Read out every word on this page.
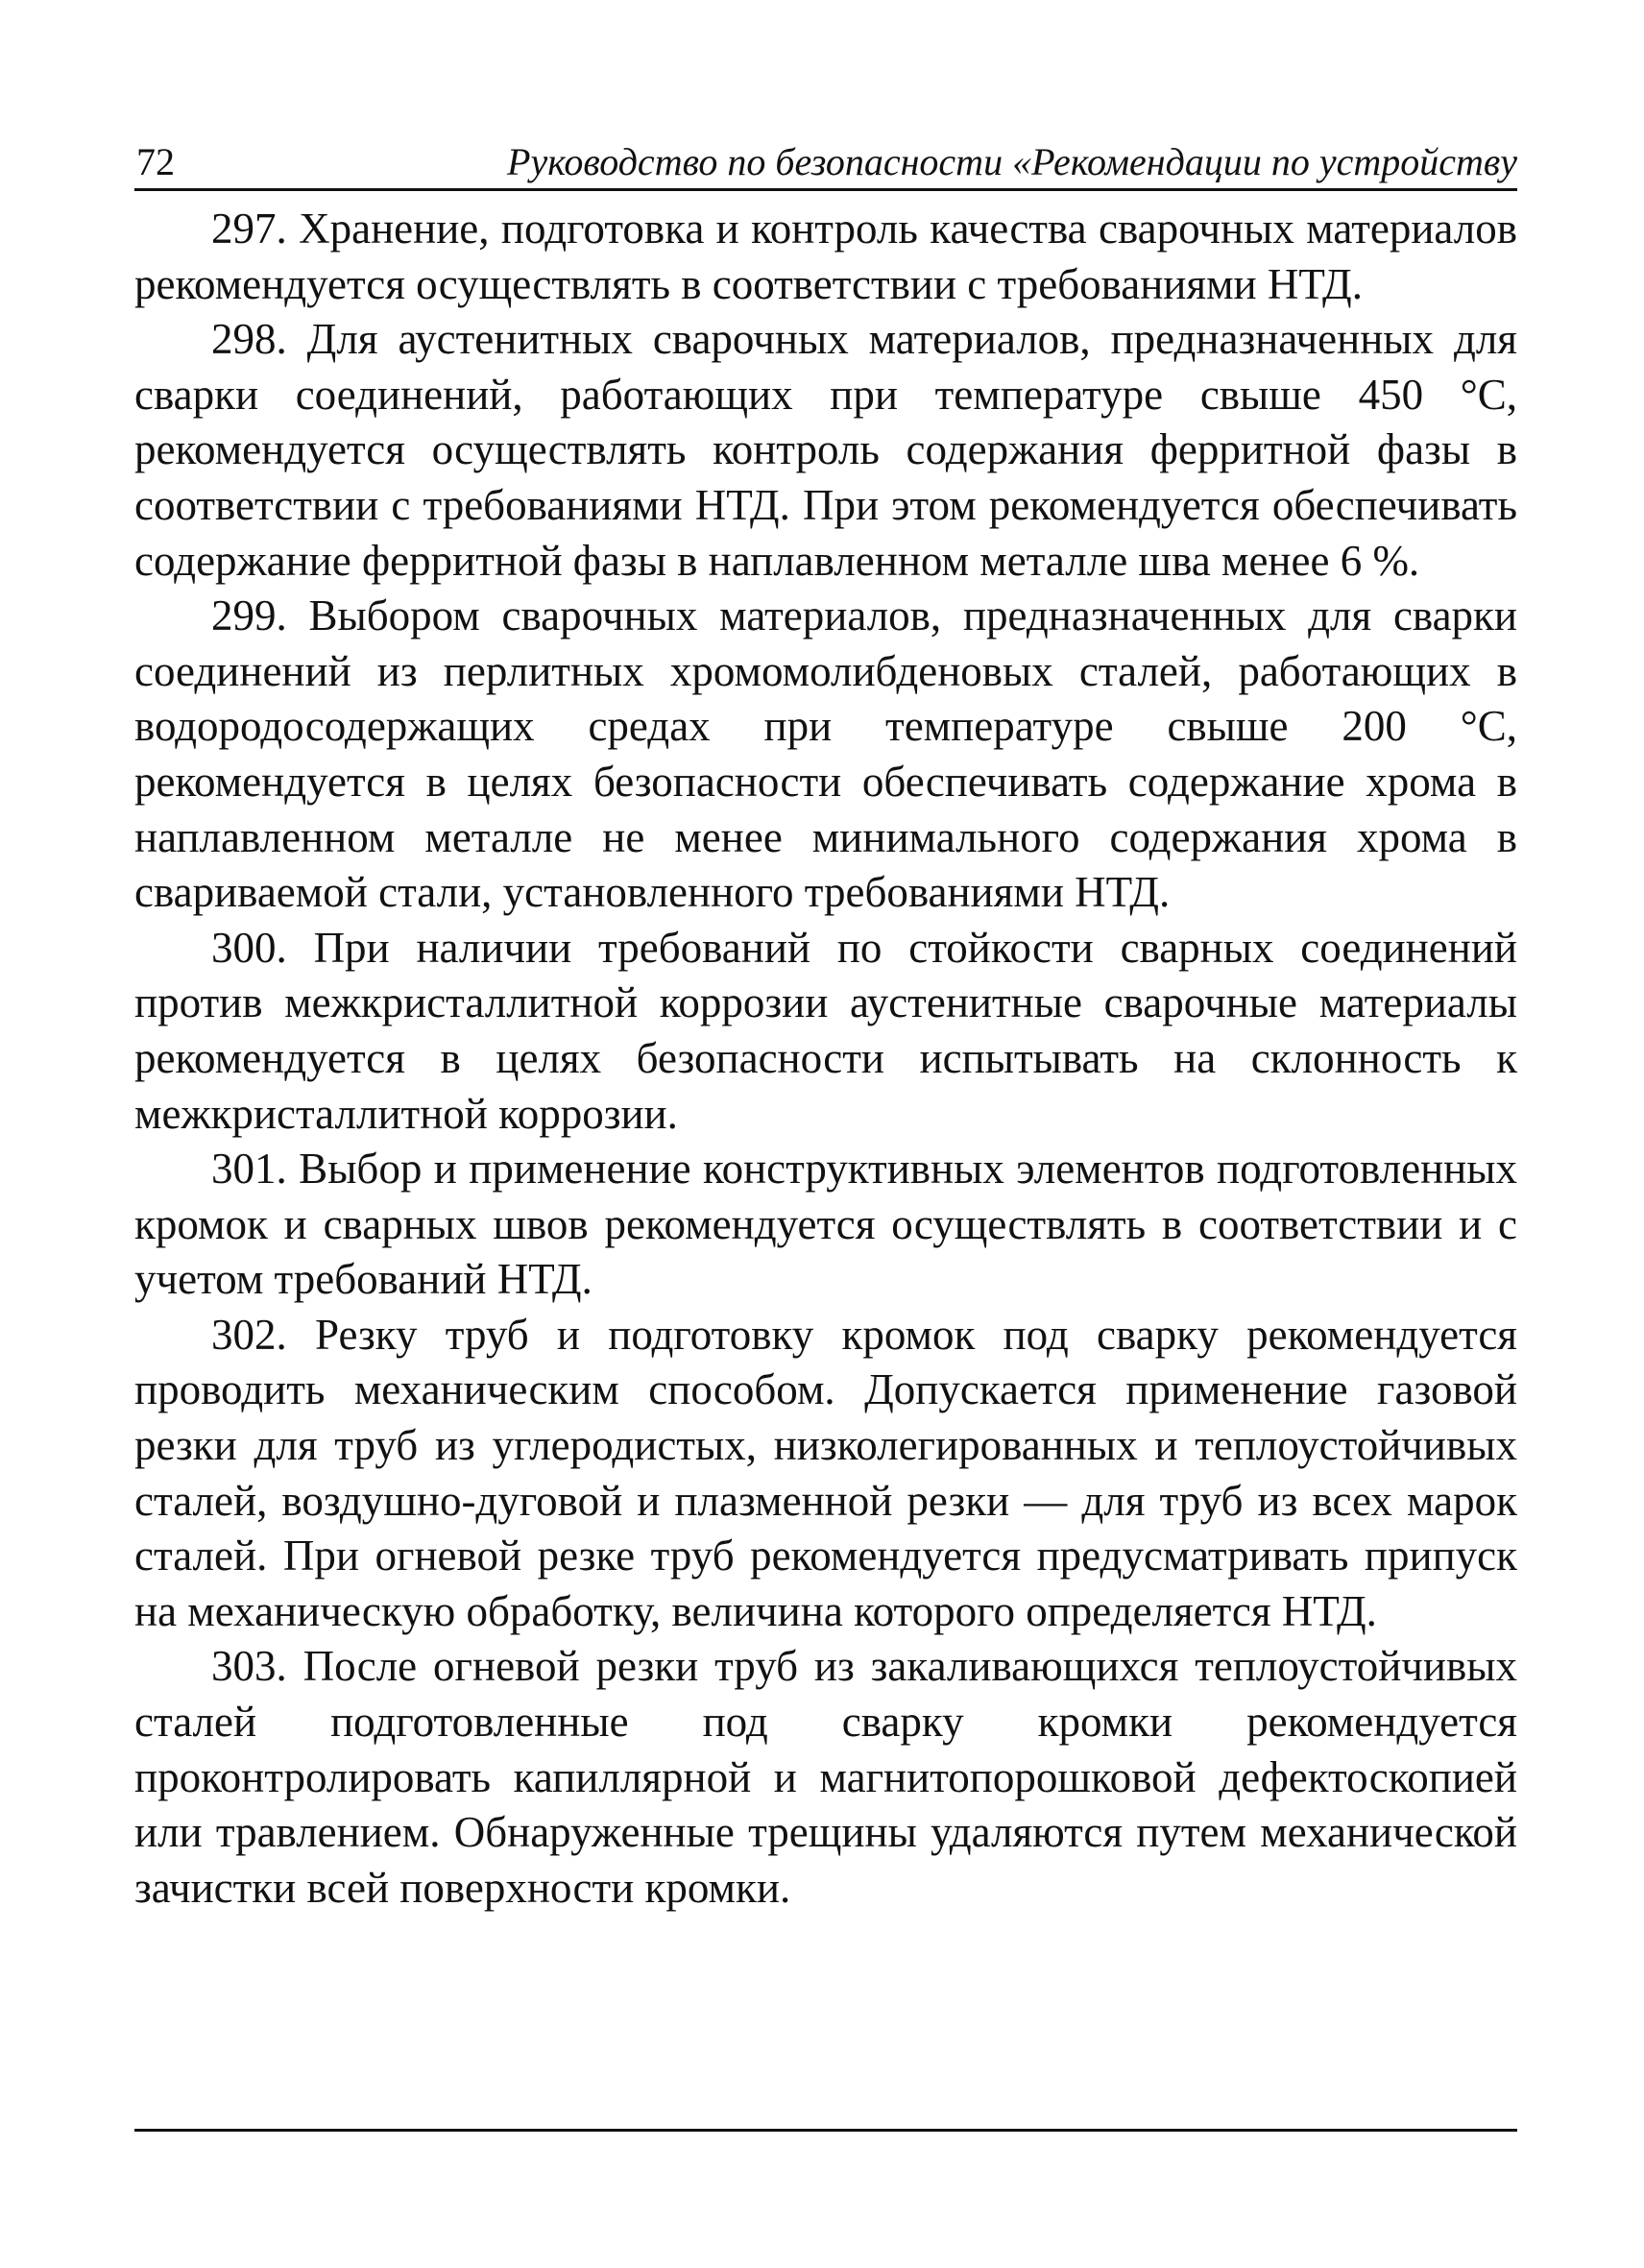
72	Руководство по безопасности «Рекомендации по устройству

297. Хранение, подготовка и контроль качества сварочных материалов рекомендуется осуществлять в соответствии с требованиями НТД.

298. Для аустенитных сварочных материалов, предназначенных для сварки соединений, работающих при температуре свыше 450 °С, рекомендуется осуществлять контроль содержания ферритной фазы в соответствии с требованиями НТД. При этом рекомендуется обеспечивать содержание ферритной фазы в наплавленном металле шва менее 6 %.

299. Выбором сварочных материалов, предназначенных для сварки соединений из перлитных хромомолибденовых сталей, работающих в водородосодержащих средах при температуре свыше 200 °С, рекомендуется в целях безопасности обеспечивать содержание хрома в наплавленном металле не менее минимального содержания хрома в свариваемой стали, установленного требованиями НТД.

300. При наличии требований по стойкости сварных соединений против межкристаллитной коррозии аустенитные сварочные материалы рекомендуется в целях безопасности испытывать на склонность к межкристаллитной коррозии.

301. Выбор и применение конструктивных элементов подготовленных кромок и сварных швов рекомендуется осуществлять в соответствии и с учетом требований НТД.

302. Резку труб и подготовку кромок под сварку рекомендуется проводить механическим способом. Допускается применение газовой резки для труб из углеродистых, низколегированных и теплоустойчивых сталей, воздушно-дуговой и плазменной резки — для труб из всех марок сталей. При огневой резке труб рекомендуется предусматривать припуск на механическую обработку, величина которого определяется НТД.

303. После огневой резки труб из закаливающихся теплоустойчивых сталей подготовленные под сварку кромки рекомендуется проконтролировать капиллярной и магнитопорошковой дефектоскопией или травлением. Обнаруженные трещины удаляются путем механической зачистки всей поверхности кромки.
